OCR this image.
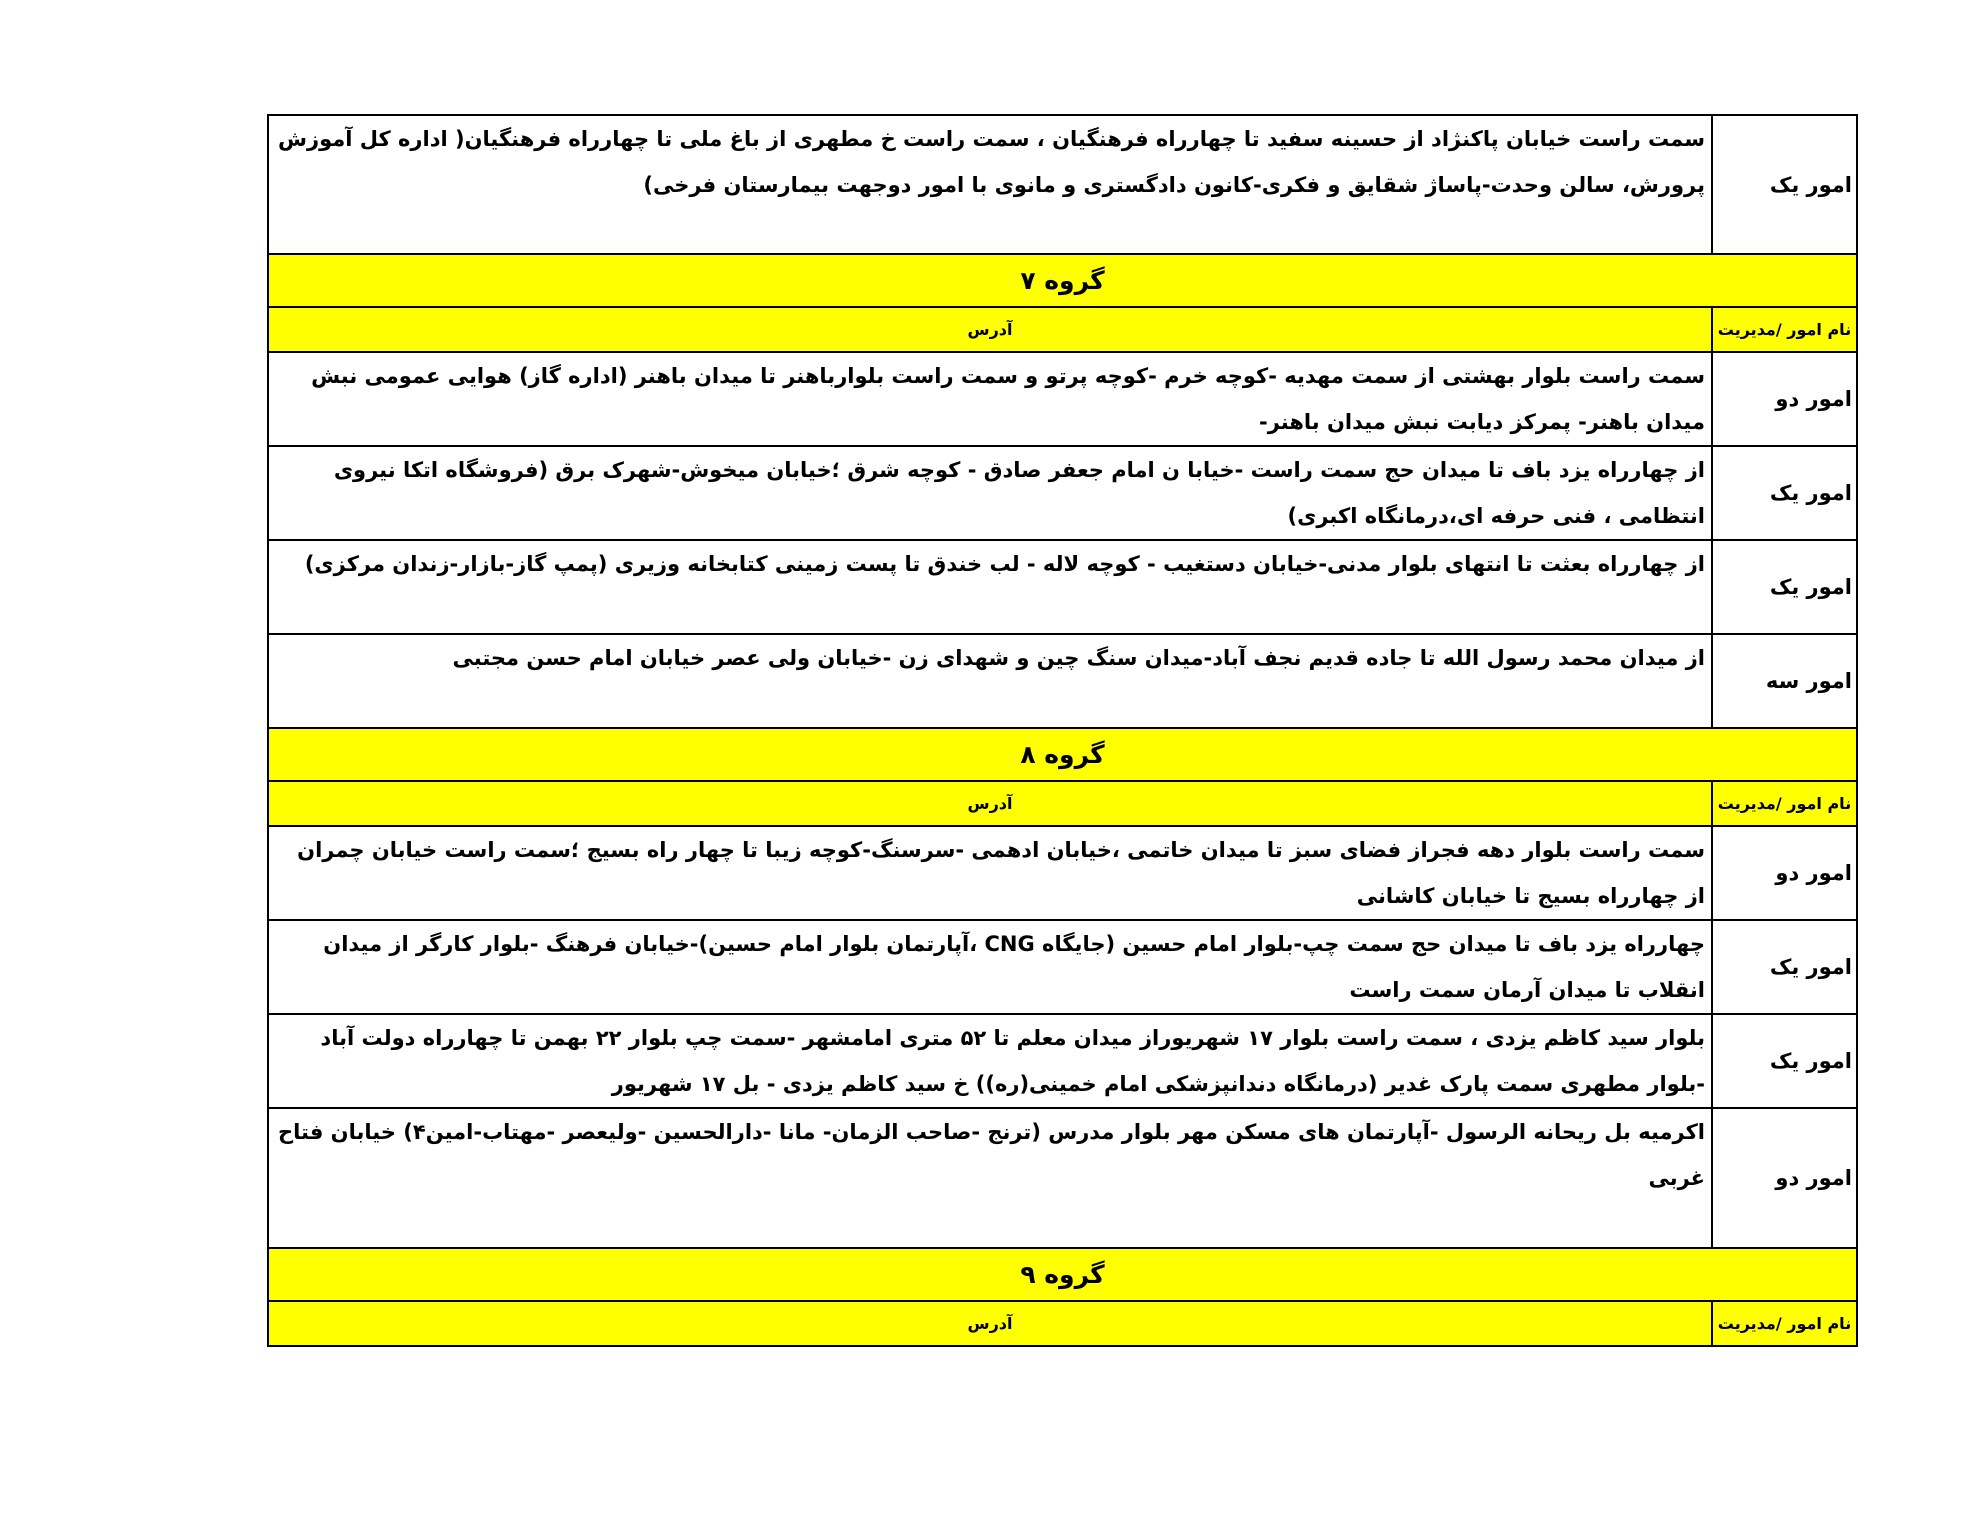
امور یک	سمت راست خیابان پاکنژاد از حسینه سفید تا چهارراه فرهنگیان ، سمت راست خ مطهری از باغ ملی تا چهارراه فرهنگیان( اداره کل آموزش پرورش، سالن وحدت-پاساژ شقایق و فکری-کانون دادگستری و مانوی با امور دوجهت بیمارستان فرخی)
گروه ۷	
نام امور /مدیریت	آدرس
امور دو	سمت راست بلوار بهشتی از سمت مهدیه -کوچه خرم -کوچه پرتو و سمت راست بلوارباهنر تا میدان باهنر (اداره گاز) هوایی عمومی نبش میدان باهنر- پمرکز دیابت نبش میدان باهنر-
امور یک	از چهارراه یزد باف تا میدان حج سمت راست -خیابا ن امام جعفر صادق - کوچه شرق ؛خیابان میخوش-شهرک برق (فروشگاه اتکا نیروی انتظامی ، فنی حرفه ای،درمانگاه اکبری)
امور یک	از چهارراه بعثت تا انتهای بلوار مدنی-خیابان دستغیب - کوچه لاله - لب خندق تا پست زمینی کتابخانه وزیری (پمپ گاز-بازار-زندان مرکزی)
امور سه	از میدان محمد رسول الله تا جاده قدیم نجف آباد-میدان سنگ چین و شهدای زن -خیابان ولی عصر خیابان امام حسن مجتبی
گروه ۸	
نام امور /مدیریت	آدرس
امور دو	سمت راست بلوار دهه فجراز فضای سبز تا میدان خاتمی ،خیابان ادهمی -سرسنگ-کوچه زیبا تا چهار راه بسیج ؛سمت راست خیابان چمران از چهارراه بسیج تا خیابان کاشانی
امور یک	چهارراه یزد باف تا میدان حج سمت چپ-بلوار امام حسین (جایگاه CNG ،آپارتمان بلوار امام حسین)-خیابان فرهنگ -بلوار کارگر از میدان انقلاب تا میدان آرمان سمت راست
امور یک	بلوار سید کاظم یزدی ، سمت راست بلوار ۱۷ شهریوراز میدان معلم تا ۵۲ متری امامشهر -سمت چپ بلوار ۲۲ بهمن تا چهارراه دولت آباد -بلوار مطهری سمت پارک غدیر (درمانگاه دندانپزشکی امام خمینی(ره)) خ سید کاظم یزدی - بل ۱۷ شهریور
امور دو	اکرمیه بل ریحانه الرسول -آپارتمان های مسکن مهر بلوار مدرس (ترنج -صاحب الزمان- مانا -دارالحسین -ولیعصر -مهتاب-امین۴) خیابان فتاح غربی
گروه ۹	
نام امور /مدیریت	آدرس
